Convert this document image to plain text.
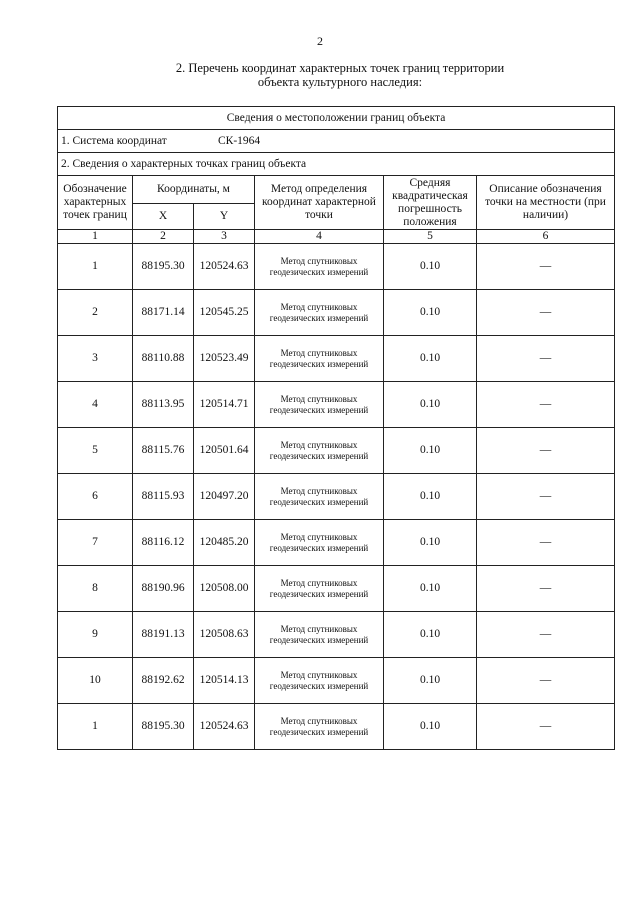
2
2. Перечень координат характерных точек границ территории
объекта культурного наследия:
Сведения о местоположении границ объекта					
1. Система координат СК-1964					

2. Сведения о характерных точках границ объекта					
Обозначение характерных точек границ	Координаты, м		Метод определения координат характерной точки	Средняя квадратическая погрешность положения	Описание обозначения точки на местности (при наличии)
	X	Y			
1	2	3	4	5	6
1	88195.30	120524.63	Метод спутниковых геодезических измерений	0.10	—
2	88171.14	120545.25	Метод спутниковых геодезических измерений	0.10	—
3	88110.88	120523.49	Метод спутниковых геодезических измерений	0.10	—
4	88113.95	120514.71	Метод спутниковых геодезических измерений	0.10	—
5	88115.76	120501.64	Метод спутниковых геодезических измерений	0.10	—
6	88115.93	120497.20	Метод спутниковых геодезических измерений	0.10	—
7	88116.12	120485.20	Метод спутниковых геодезических измерений	0.10	—
8	88190.96	120508.00	Метод спутниковых геодезических измерений	0.10	—
9	88191.13	120508.63	Метод спутниковых геодезических измерений	0.10	—
10	88192.62	120514.13	Метод спутниковых геодезических измерений	0.10	—
1	88195.30	120524.63	Метод спутниковых геодезических измерений	0.10	—
